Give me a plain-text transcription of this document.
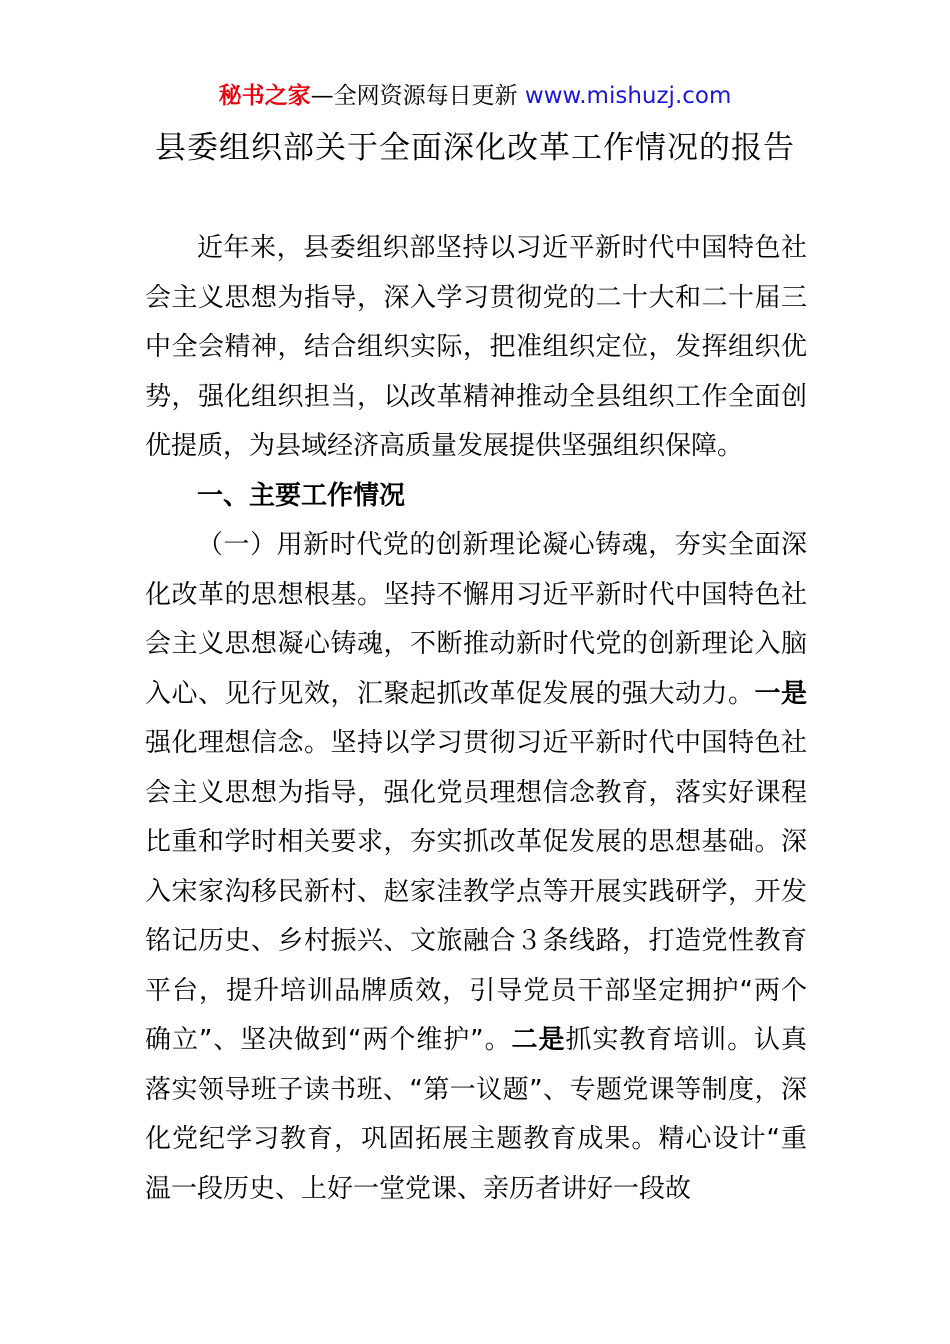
秘书之家—全网资源每日更新 www.mishuzj.com
县委组织部关于全面深化改革工作情况的报告

近年来，县委组织部坚持以习近平新时代中国特色社会主义思想为指导，深入学习贯彻党的二十大和二十届三中全会精神，结合组织实际，把准组织定位，发挥组织优势，强化组织担当，以改革精神推动全县组织工作全面创优提质，为县域经济高质量发展提供坚强组织保障。

一、主要工作情况

（一）用新时代党的创新理论凝心铸魂，夯实全面深化改革的思想根基。坚持不懈用习近平新时代中国特色社会主义思想凝心铸魂，不断推动新时代党的创新理论入脑入心、见行见效，汇聚起抓改革促发展的强大动力。一是强化理想信念。坚持以学习贯彻习近平新时代中国特色社会主义思想为指导，强化党员理想信念教育，落实好课程比重和学时相关要求，夯实抓改革促发展的思想基础。深入宋家沟移民新村、赵家洼教学点等开展实践研学，开发铭记历史、乡村振兴、文旅融合３条线路，打造党性教育平台，提升培训品牌质效，引导党员干部坚定拥护“两个确立”、坚决做到“两个维护”。二是抓实教育培训。认真落实领导班子读书班、“第一议题”、专题党课等制度，深化党纪学习教育，巩固拓展主题教育成果。精心设计“重温一段历史、上好一堂党课、亲历者讲好一段故
